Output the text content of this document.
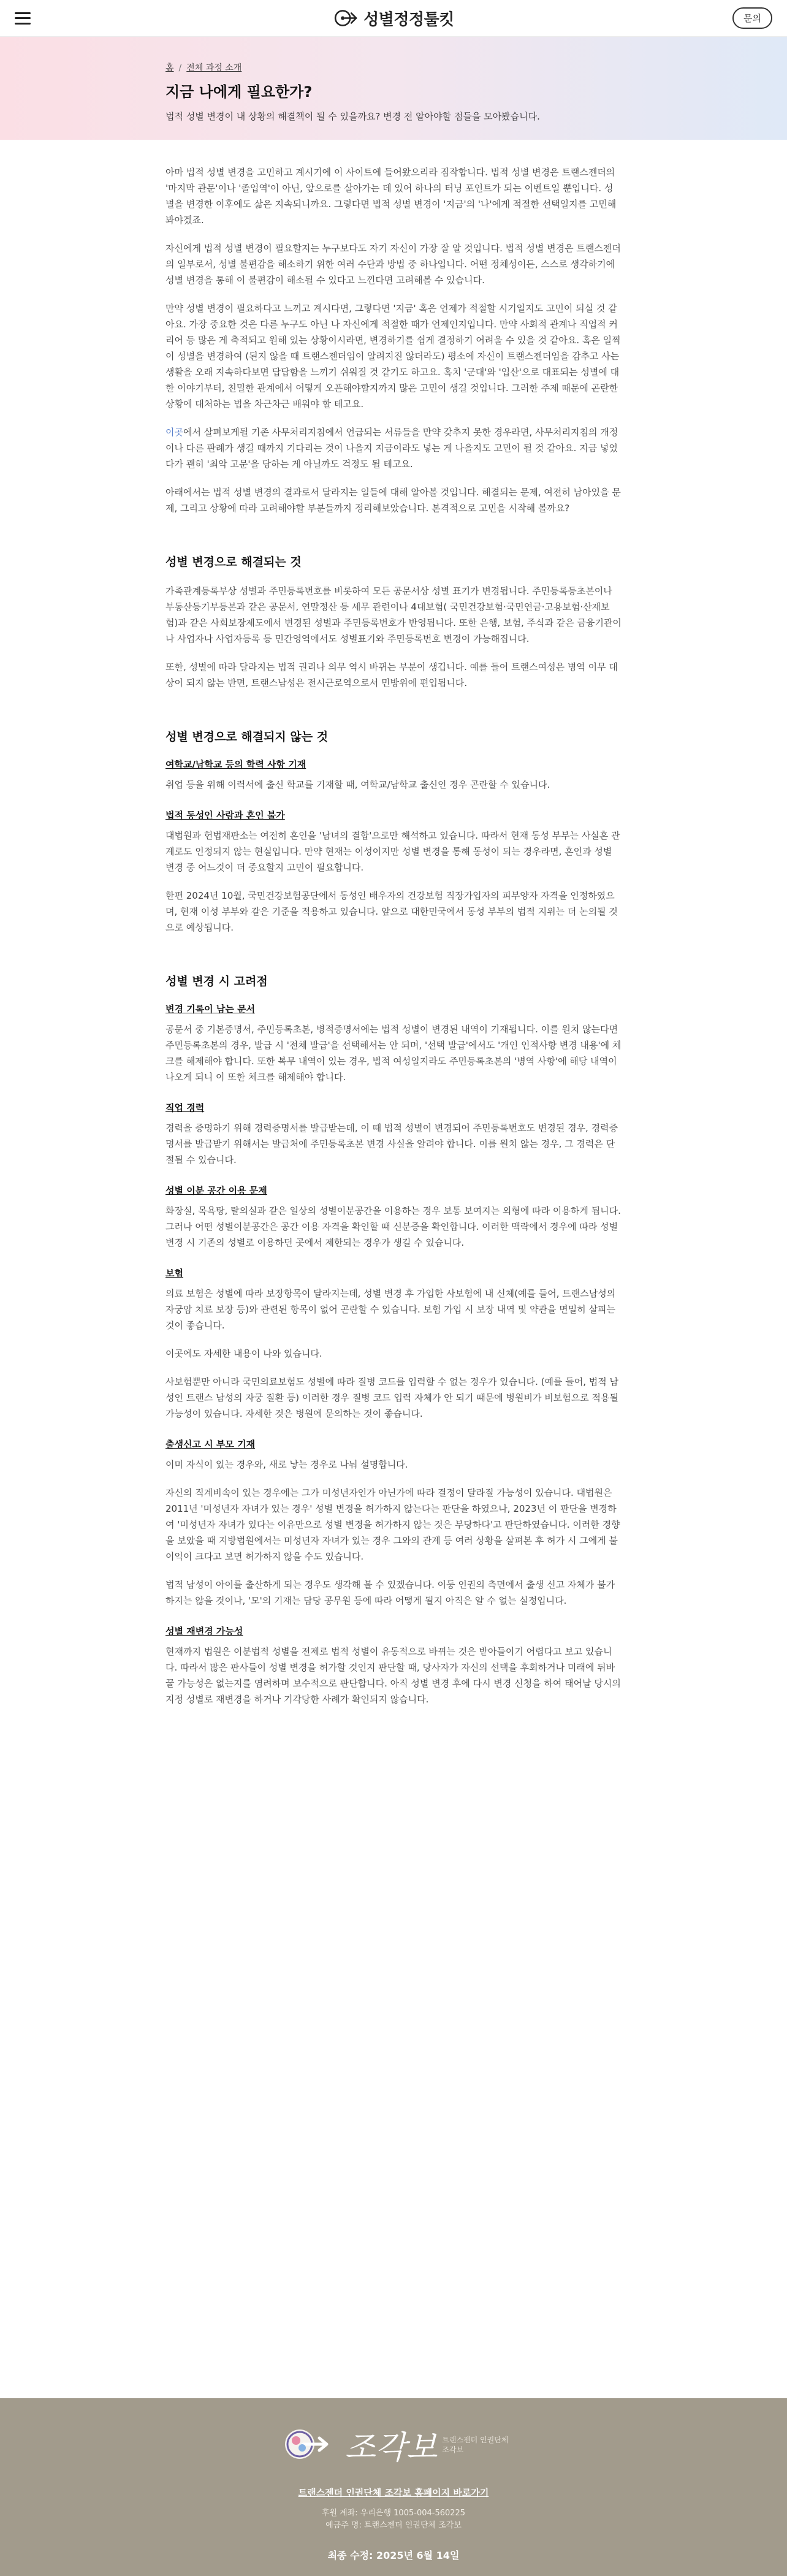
성별정정툴킷	문의
홈 / 전체 과정 소개
지금 나에게 필요한가?

법적 성별 변경이 내 상황의 해결책이 될 수 있을까요? 변경 전 알아야할 점들을 모아봤습니다.

아마 법적 성별 변경을 고민하고 계시기에 이 사이트에 들어왔으리라 짐작합니다. 법적 성별 변경은 트랜스젠더의 '마지막 관문'이나 '졸업역'이 아닌, 앞으로를 살아가는 데 있어 하나의 터닝 포인트가 되는 이벤트일 뿐입니다. 성별을 변경한 이후에도 삶은 지속되니까요. 그렇다면 법적 성별 변경이 '지금'의 '나'에게 적절한 선택일지를 고민해봐야겠죠.

자신에게 법적 성별 변경이 필요할지는 누구보다도 자기 자신이 가장 잘 알 것입니다. 법적 성별 변경은 트랜스젠더의 일부로서, 성별 불편감을 해소하기 위한 여러 수단과 방법 중 하나입니다. 어떤 정체성이든, 스스로 생각하기에 성별 변경을 통해 이 불편감이 해소될 수 있다고 느낀다면 고려해볼 수 있습니다.

만약 성별 변경이 필요하다고 느끼고 계시다면, 그렇다면 '지금' 혹은 언제가 적절할 시기일지도 고민이 되실 것 같아요. 가장 중요한 것은 다른 누구도 아닌 나 자신에게 적절한 때가 언제인지입니다. 만약 사회적 관계나 직업적 커리어 등 많은 게 축적되고 원해 있는 상황이시라면, 변경하기를 쉽게 결정하기 어려울 수 있을 것 같아요. 혹은 일찍이 성별을 변경하여 (된지 않을 때 트랜스젠더임이 알려지진 않더라도) 평소에 자신이 트랜스젠더임을 감추고 사는 생활을 오래 지속하다보면 답답함을 느끼기 쉬워질 것 같기도 하고요. 혹치 '군대'와 '입산'으로 대표되는 성별에 대한 이야기부터, 친밀한 관계에서 어떻게 오픈해야할지까지 많은 고민이 생길 것입니다. 그러한 주제 때문에 곤란한 상황에 대처하는 법을 차근차근 배워야 할 테고요.

이곳에서 살펴보게될 기존 사무처리지침에서 언급되는 서류들을 만약 갖추지 못한 경우라면, 사무처리지침의 개정이나 다른 판례가 생길 때까지 기다리는 것이 나을지 지금이라도 넣는 게 나을지도 고민이 될 것 같아요. 지금 넣었다가 괜히 '최악 고문'을 당하는 게 아닐까도 걱정도 될 테고요.

아래에서는 법적 성별 변경의 결과로서 달라지는 일들에 대해 알아볼 것입니다. 해결되는 문제, 여전히 남아있을 문제, 그리고 상황에 따라 고려해야할 부분들까지 정리해보았습니다. 본격적으로 고민을 시작해 볼까요?

성별 변경으로 해결되는 것

가족관계등록부상 성별과 주민등록번호를 비롯하여 모든 공문서상 성별 표기가 변경됩니다. 주민등록등초본이나 부동산등기부등본과 같은 공문서, 연말정산 등 세무 관련이나 4대보험( 국민건강보험·국민연금·고용보험·산재보험)과 같은 사회보장제도에서 변경된 성별과 주민등록번호가 반영됩니다. 또한 은행, 보험, 주식과 같은 금융기관이나 사업자나 사업자등록 등 민간영역에서도 성별표기와 주민등록번호 변경이 가능해집니다.

또한, 성별에 따라 달라지는 법적 권리나 의무 역시 바뀌는 부분이 생깁니다. 예를 들어 트랜스여성은 병역 이무 대상이 되지 않는 반면, 트랜스남성은 전시근로역으로서 민방위에 편입됩니다.

성별 변경으로 해결되지 않는 것
여학교/남학교 등의 학력 사항 기재

취업 등을 위해 이력서에 출신 학교를 기재할 때, 여학교/남학교 출신인 경우 곤란할 수 있습니다.

법적 동성인 사람과 혼인 불가

대법원과 헌법재판소는 여전히 혼인을 '남녀의 결합'으로만 해석하고 있습니다. 따라서 현재 동성 부부는 사실혼 관계로도 인정되지 않는 현실입니다. 만약 현재는 이성이지만 성별 변경을 통해 동성이 되는 경우라면, 혼인과 성별 변경 중 어느것이 더 중요할지 고민이 필요합니다.

한편 2024년 10월, 국민건강보험공단에서 동성인 배우자의 건강보험 직장가입자의 피부양자 자격을 인정하였으며, 현재 이성 부부와 같은 기준을 적용하고 있습니다. 앞으로 대한민국에서 동성 부부의 법적 지위는 더 논의될 것으로 예상됩니다.

성별 변경 시 고려점
변경 기록이 남는 문서

공문서 중 기본증명서, 주민등록초본, 병적증명서에는 법적 성별이 변경된 내역이 기재됩니다. 이를 원치 않는다면 주민등록초본의 경우, 발급 시 '전체 발급'을 선택해서는 안 되며, '선택 발급'에서도 '개인 인적사항 변경 내용'에 체크를 해제해야 합니다. 또한 복무 내역이 있는 경우, 법적 여성일지라도 주민등록초본의 '병역 사항'에 해당 내역이 나오게 되니 이 또한 체크를 해제해야 합니다.

직업 경력

경력을 증명하기 위해 경력증명서를 발급받는데, 이 때 법적 성별이 변경되어 주민등록번호도 변경된 경우, 경력증명서를 발급받기 위해서는 발급처에 주민등록초본 변경 사실을 알려야 합니다. 이를 원치 않는 경우, 그 경력은 단절될 수 있습니다.

성별 이분 공간 이용 문제

화장실, 목욕탕, 탈의실과 같은 일상의 성별이분공간을 이용하는 경우 보통 보여지는 외형에 따라 이용하게 됩니다. 그러나 어떤 성별이분공간은 공간 이용 자격을 확인할 때 신분증을 확인합니다. 이러한 맥락에서 경우에 따라 성별 변경 시 기존의 성별로 이용하던 곳에서 제한되는 경우가 생길 수 있습니다.

보험

의료 보험은 성별에 따라 보장항목이 달라지는데, 성별 변경 후 가입한 사보험에 내 신체(예를 들어, 트랜스남성의 자궁암 치료 보장 등)와 관련된 항목이 없어 곤란할 수 있습니다. 보험 가입 시 보장 내역 및 약관을 면밀히 살피는 것이 좋습니다.

이곳에도 자세한 내용이 나와 있습니다.

사보험뿐만 아니라 국민의료보험도 성별에 따라 질병 코드를 입력할 수 없는 경우가 있습니다. (예를 들어, 법적 남성인 트랜스 남성의 자궁 질환 등) 이러한 경우 질병 코드 입력 자체가 안 되기 때문에 병원비가 비보험으로 적용될 가능성이 있습니다. 자세한 것은 병원에 문의하는 것이 좋습니다.

출생신고 시 부모 기재

이미 자식이 있는 경우와, 새로 낳는 경우로 나눠 설명합니다.

자신의 직계비속이 있는 경우에는 그가 미성년자인가 아닌가에 따라 결정이 달라질 가능성이 있습니다. 대법원은 2011년 '미성년자 자녀가 있는 경우' 성별 변경을 허가하지 않는다는 판단을 하였으나, 2023년 이 판단을 변경하여 '미성년자 자녀가 있다는 이유만으로 성별 변경을 허가하지 않는 것은 부당하다'고 판단하였습니다. 이러한 경향을 보았을 때 지방법원에서는 미성년자 자녀가 있는 경우 그와의 관계 등 여러 상황을 살펴본 후 허가 시 그에게 불이익이 크다고 보면 허가하지 않을 수도 있습니다.

법적 남성이 아이를 출산하게 되는 경우도 생각해 볼 수 있겠습니다. 이둥 인권의 측면에서 출생 신고 자체가 불가하지는 않을 것이나, '모'의 기재는 담당 공무원 등에 따라 어떻게 될지 아직은 알 수 없는 실정입니다.

성별 재변경 가능성

현재까지 법원은 이분법적 성별을 전제로 법적 성별이 유동적으로 바뀌는 것은 받아들이기 어렵다고 보고 있습니다. 따라서 많은 판사들이 성별 변경을 허가할 것인지 판단할 때, 당사자가 자신의 선택을 후회하거나 미래에 뒤바꿀 가능성은 없는지를 염려하며 보수적으로 판단합니다. 아직 성별 변경 후에 다시 변경 신청을 하여 태어날 당시의 지정 성별로 재변경을 하거나 기각당한 사례가 확인되지 않습니다.

조각보 트랜스젠더 인권단체
조각보
트랜스젠더 인권단체 조각보 홈페이지 바로가기
후원 계좌: 우리은행 1005-004-560225
예금주 명: 트랜스젠더 인권단체 조각보
최종 수정: 2025년 6월 14일
